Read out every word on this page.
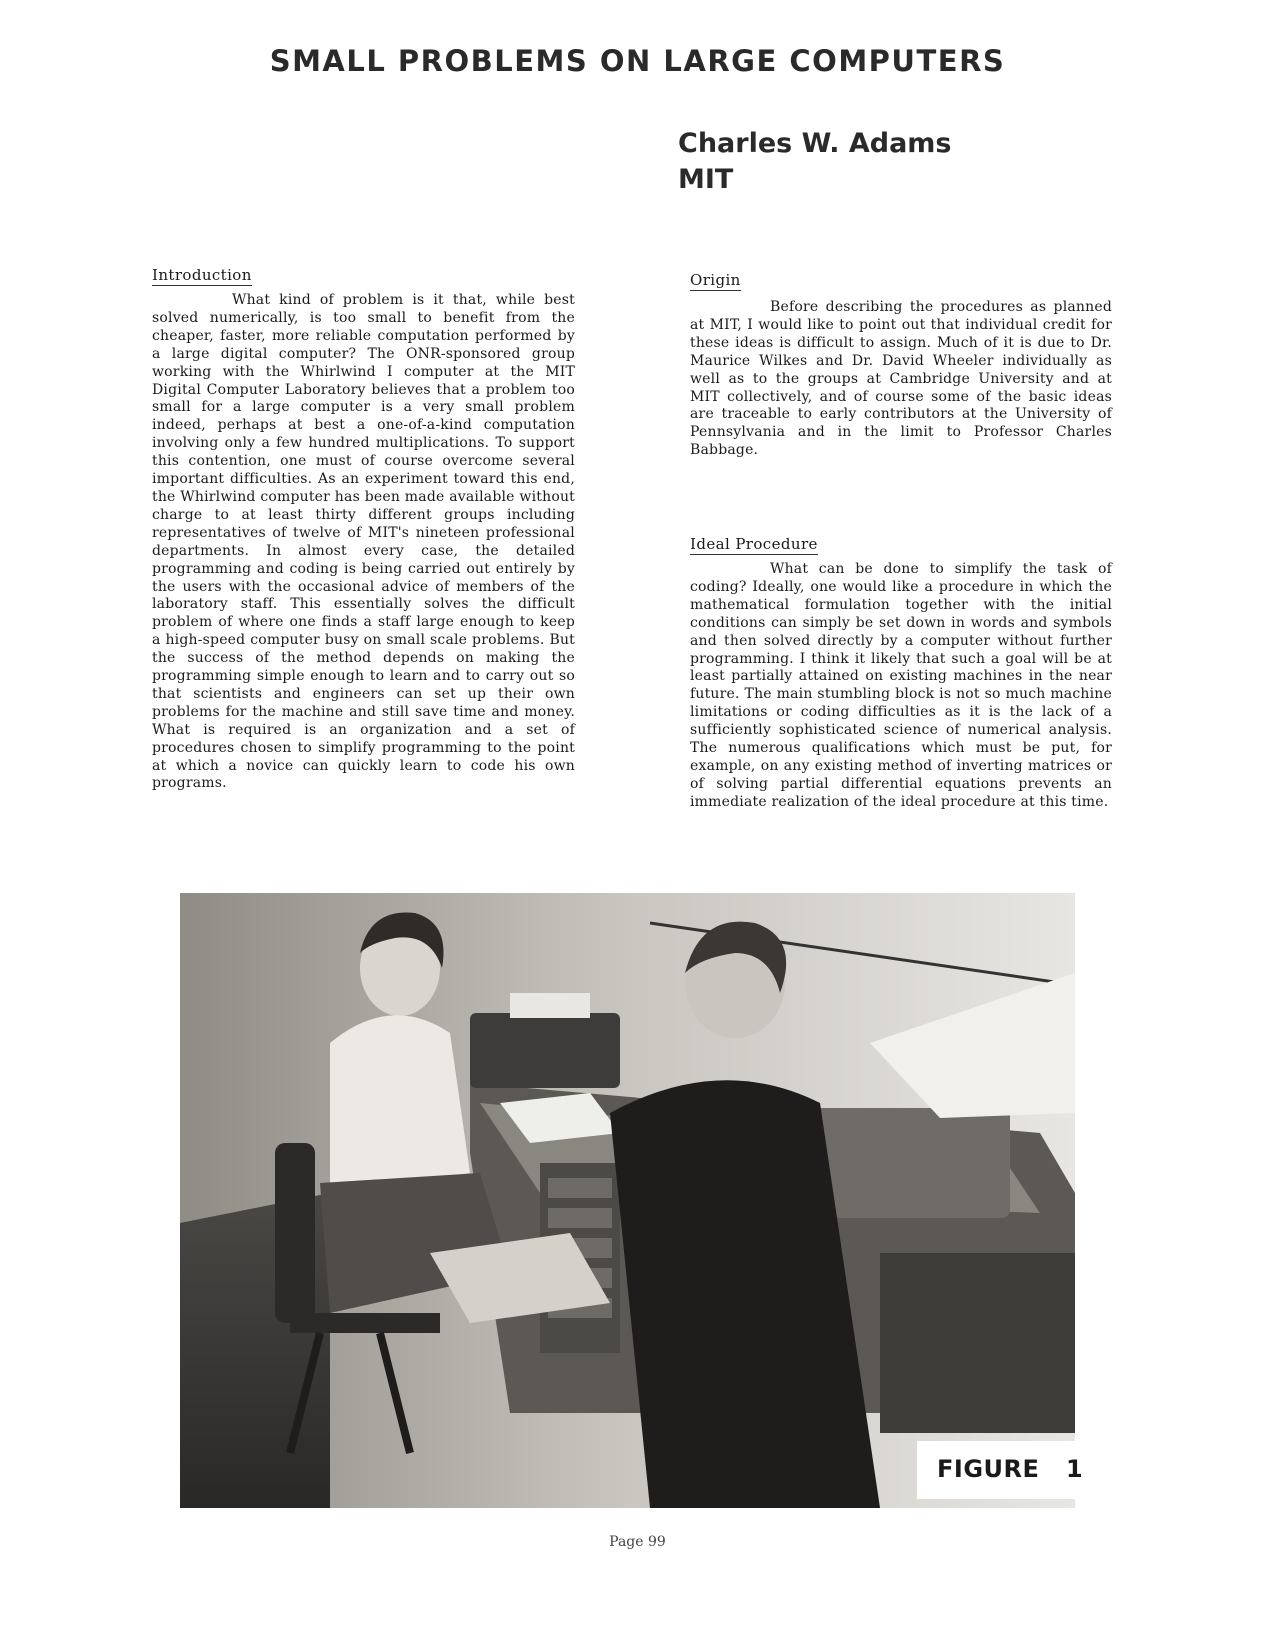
SMALL PROBLEMS ON LARGE COMPUTERS
Charles W. Adams
MIT
Introduction

What kind of problem is it that, while best solved numerically, is too small to benefit from the cheaper, faster, more reliable computation performed by a large digital computer? The ONR-sponsored group working with the Whirlwind I computer at the MIT Digital Computer Laboratory believes that a problem too small for a large computer is a very small problem indeed, perhaps at best a one-of-a-kind computation involving only a few hundred multiplications. To support this contention, one must of course overcome several important difficulties. As an experiment toward this end, the Whirlwind computer has been made available without charge to at least thirty different groups including representatives of twelve of MIT's nineteen professional departments. In almost every case, the detailed programming and coding is being carried out entirely by the users with the occasional advice of members of the laboratory staff. This essentially solves the difficult problem of where one finds a staff large enough to keep a high-speed computer busy on small scale problems. But the success of the method depends on making the programming simple enough to learn and to carry out so that scientists and engineers can set up their own problems for the machine and still save time and money. What is required is an organization and a set of procedures chosen to simplify programming to the point at which a novice can quickly learn to code his own programs.

Origin

Before describing the procedures as planned at MIT, I would like to point out that individual credit for these ideas is difficult to assign. Much of it is due to Dr. Maurice Wilkes and Dr. David Wheeler individually as well as to the groups at Cambridge University and at MIT collectively, and of course some of the basic ideas are traceable to early contributors at the University of Pennsylvania and in the limit to Professor Charles Babbage.

Ideal Procedure

What can be done to simplify the task of coding? Ideally, one would like a procedure in which the mathematical formulation together with the initial conditions can simply be set down in words and symbols and then solved directly by a computer without further programming. I think it likely that such a goal will be at least partially attained on existing machines in the near future. The main stumbling block is not so much machine limitations or coding difficulties as it is the lack of a sufficiently sophisticated science of numerical analysis. The numerous qualifications which must be put, for example, on any existing method of inverting matrices or of solving partial differential equations prevents an immediate realization of the ideal procedure at this time.

FIGURE   1
Page 99
